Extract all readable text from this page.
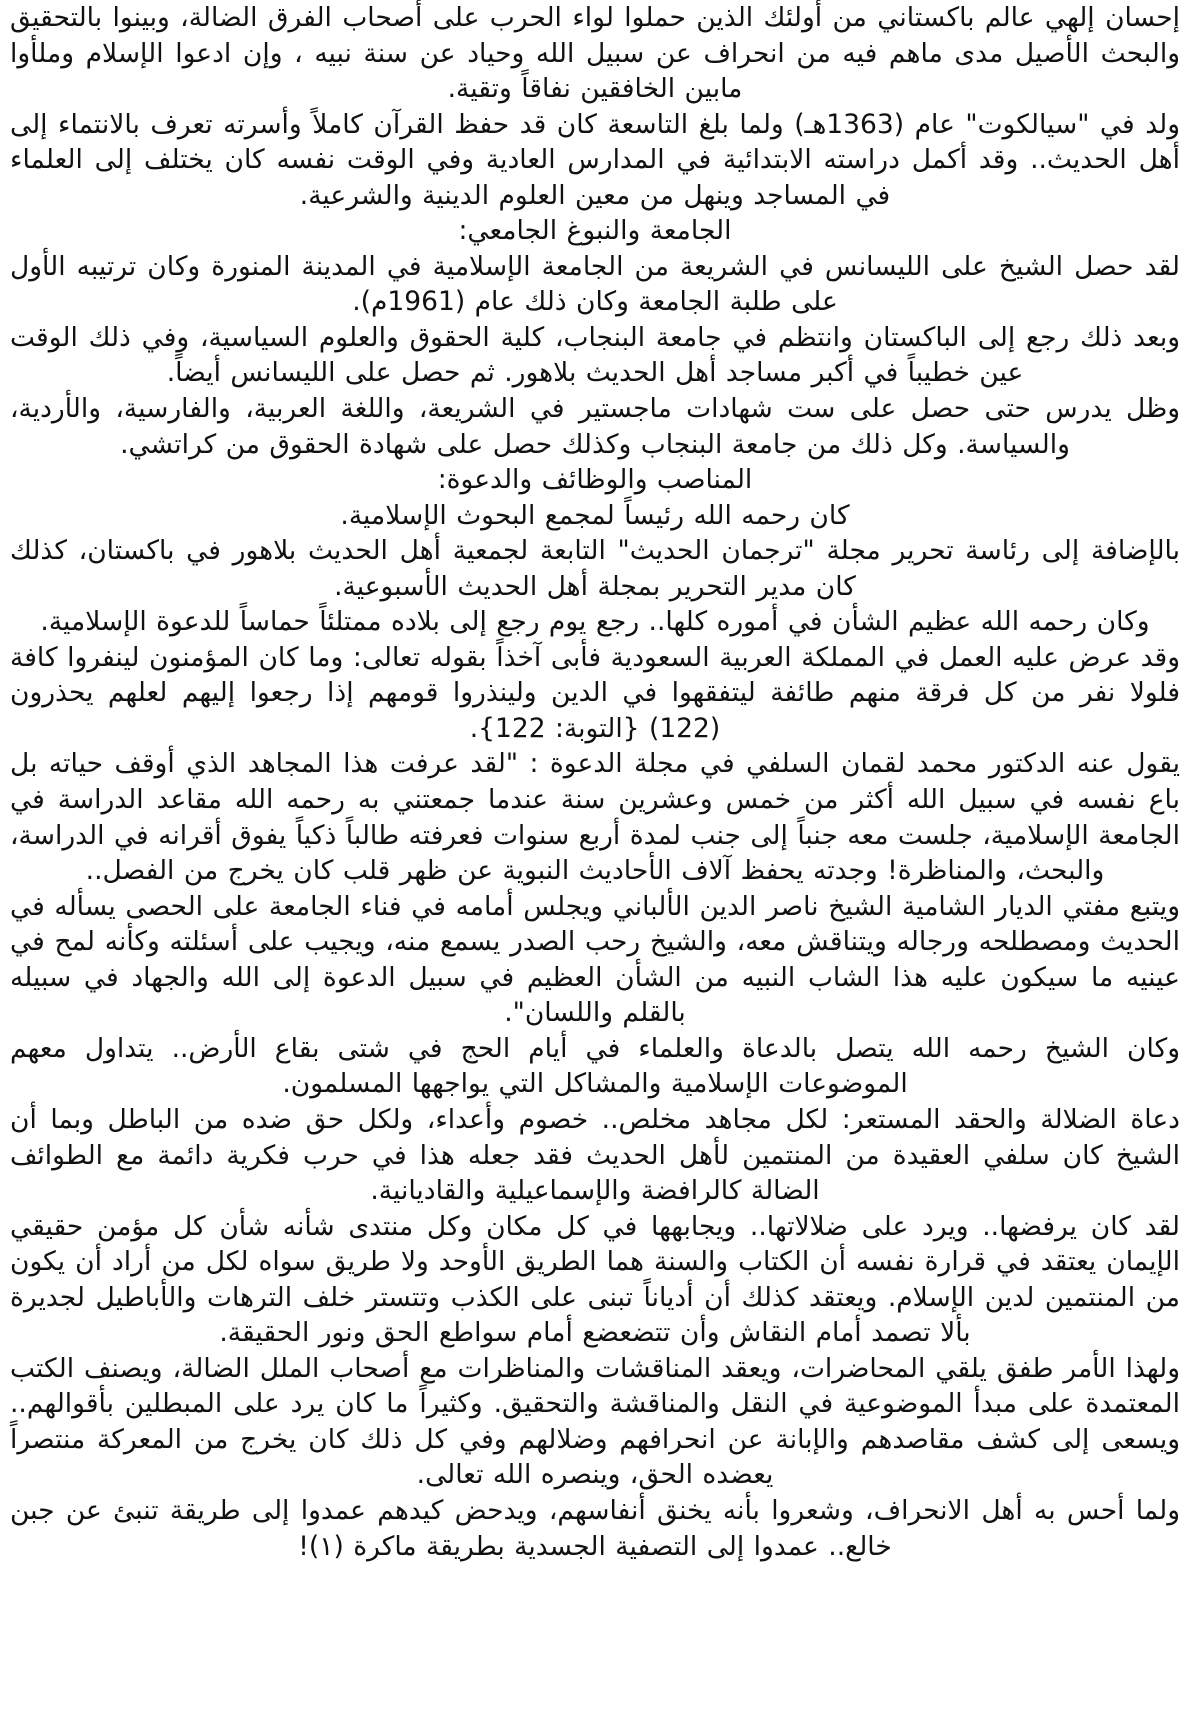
إحسان إلهي عالم باكستاني من أولئك الذين حملوا لواء الحرب على أصحاب الفرق الضالة، وبينوا بالتحقيق والبحث الأصيل مدى ماهم فيه من انحراف عن سبيل الله وحياد عن سنة نبيه ، وإن ادعوا الإسلام وملأوا مابين الخافقين نفاقاً وتقية.

ولد في "سيالكوت" عام (1363هـ) ولما بلغ التاسعة كان قد حفظ القرآن كاملاً وأسرته تعرف بالانتماء إلى أهل الحديث.. وقد أكمل دراسته الابتدائية في المدارس العادية وفي الوقت نفسه كان يختلف إلى العلماء في المساجد وينهل من معين العلوم الدينية والشرعية.

الجامعة والنبوغ الجامعي:

لقد حصل الشيخ على الليسانس في الشريعة من الجامعة الإسلامية في المدينة المنورة وكان ترتيبه الأول على طلبة الجامعة وكان ذلك عام (1961م).

وبعد ذلك رجع إلى الباكستان وانتظم في جامعة البنجاب، كلية الحقوق والعلوم السياسية، وفي ذلك الوقت عين خطيباً في أكبر مساجد أهل الحديث بلاهور. ثم حصل على الليسانس أيضاً.

وظل يدرس حتى حصل على ست شهادات ماجستير في الشريعة، واللغة العربية، والفارسية، والأردية، والسياسة. وكل ذلك من جامعة البنجاب وكذلك حصل على شهادة الحقوق من كراتشي.

المناصب والوظائف والدعوة:

كان رحمه الله رئيساً لمجمع البحوث الإسلامية.

بالإضافة إلى رئاسة تحرير مجلة "ترجمان الحديث" التابعة لجمعية أهل الحديث بلاهور في باكستان، كذلك كان مدير التحرير بمجلة أهل الحديث الأسبوعية.

وكان رحمه الله عظيم الشأن في أموره كلها.. رجع يوم رجع إلى بلاده ممتلئاً حماساً للدعوة الإسلامية.

وقد عرض عليه العمل في المملكة العربية السعودية فأبى آخذاً بقوله تعالى: وما كان المؤمنون لينفروا كافة فلولا نفر من كل فرقة منهم طائفة ليتفقهوا في الدين ولينذروا قومهم إذا رجعوا إليهم لعلهم يحذرون (122) {التوبة: 122}.

يقول عنه الدكتور محمد لقمان السلفي في مجلة الدعوة : "لقد عرفت هذا المجاهد الذي أوقف حياته بل باع نفسه في سبيل الله أكثر من خمس وعشرين سنة عندما جمعتني به رحمه الله مقاعد الدراسة في الجامعة الإسلامية، جلست معه جنباً إلى جنب لمدة أربع سنوات فعرفته طالباً ذكياً يفوق أقرانه في الدراسة، والبحث، والمناظرة! وجدته يحفظ آلاف الأحاديث النبوية عن ظهر قلب كان يخرج من الفصل..

ويتبع مفتي الديار الشامية الشيخ ناصر الدين الألباني ويجلس أمامه في فناء الجامعة على الحصى يسأله في الحديث ومصطلحه ورجاله ويتناقش معه، والشيخ رحب الصدر يسمع منه، ويجيب على أسئلته وكأنه لمح في عينيه ما سيكون عليه هذا الشاب النبيه من الشأن العظيم في سبيل الدعوة إلى الله والجهاد في سبيله بالقلم واللسان".

وكان الشيخ رحمه الله يتصل بالدعاة والعلماء في أيام الحج في شتى بقاع الأرض.. يتداول معهم الموضوعات الإسلامية والمشاكل التي يواجهها المسلمون.

دعاة الضلالة والحقد المستعر: لكل مجاهد مخلص.. خصوم وأعداء، ولكل حق ضده من الباطل وبما أن الشيخ كان سلفي العقيدة من المنتمين لأهل الحديث فقد جعله هذا في حرب فكرية دائمة مع الطوائف الضالة كالرافضة والإسماعيلية والقاديانية.

لقد كان يرفضها.. ويرد على ضلالاتها.. ويجابهها في كل مكان وكل منتدى شأنه شأن كل مؤمن حقيقي الإيمان يعتقد في قرارة نفسه أن الكتاب والسنة هما الطريق الأوحد ولا طريق سواه لكل من أراد أن يكون من المنتمين لدين الإسلام. ويعتقد كذلك أن أدياناً تبنى على الكذب وتتستر خلف الترهات والأباطيل لجديرة بألا تصمد أمام النقاش وأن تتضعضع أمام سواطع الحق ونور الحقيقة.

ولهذا الأمر طفق يلقي المحاضرات، ويعقد المناقشات والمناظرات مع أصحاب الملل الضالة، ويصنف الكتب المعتمدة على مبدأ الموضوعية في النقل والمناقشة والتحقيق. وكثيراً ما كان يرد على المبطلين بأقوالهم.. ويسعى إلى كشف مقاصدهم والإبانة عن انحرافهم وضلالهم وفي كل ذلك كان يخرج من المعركة منتصراً يعضده الحق، وينصره الله تعالى.

ولما أحس به أهل الانحراف، وشعروا بأنه يخنق أنفاسهم، ويدحض كيدهم عمدوا إلى طريقة تنبئ عن جبن خالع.. عمدوا إلى التصفية الجسدية بطريقة ماكرة (١)!
